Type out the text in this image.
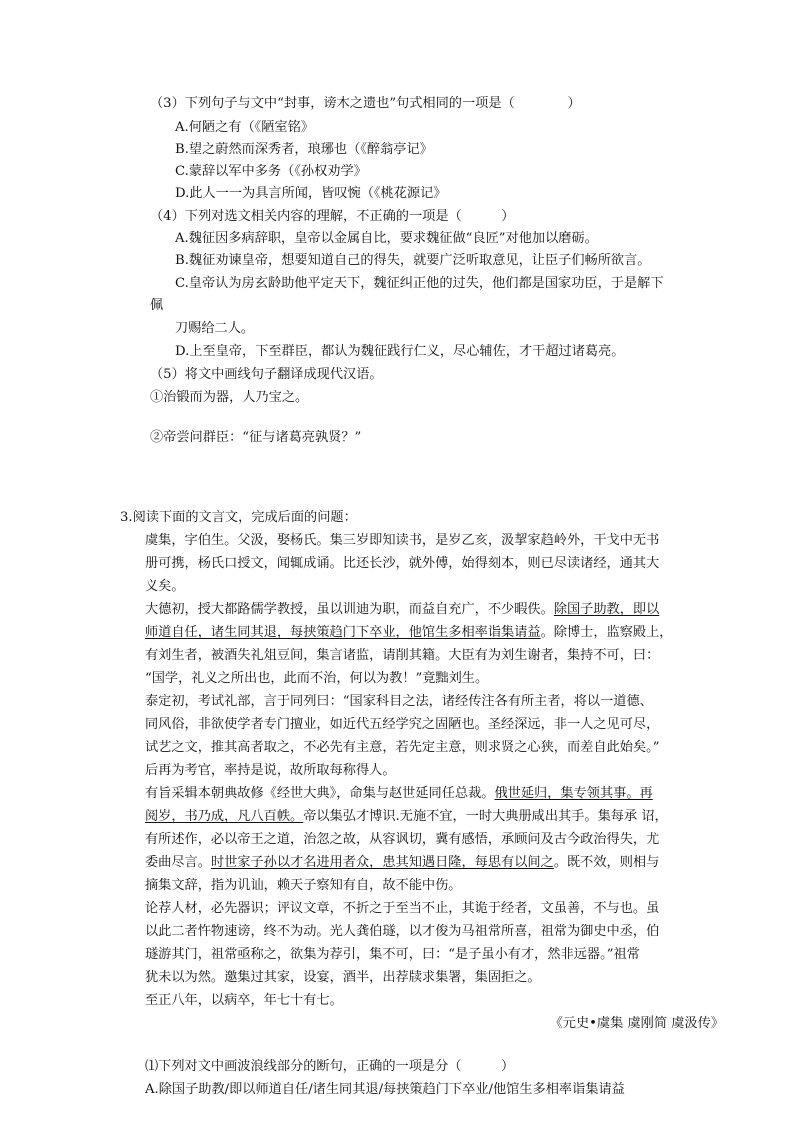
（3）下列句子与文中“封事，谤木之遗也”句式相同的一项是（　　　　）
A.何陋之有（《陋室铭》
B.望之蔚然而深秀者，琅琊也（《醉翁亭记》
C.蒙辞以军中多务（《孙权劝学》
D.此人一一为具言所闻，皆叹惋（《桃花源记》
（4）下列对选文相关内容的理解，不正确的一项是（　　　）
A.魏征因多病辞职，皇帝以金属自比，要求魏征做“良匠”对他加以磨砺。
B.魏征劝谏皇帝，想要知道自己的得失，就要广泛听取意见，让臣子们畅所欲言。
C.皇帝认为房玄龄助他平定天下，魏征纠正他的过失，他们都是国家功臣，于是解下
佩
刀赐给二人。
D.上至皇帝，下至群臣，都认为魏征践行仁义，尽心辅佐，才干超过诸葛亮。
（5）将文中画线句子翻译成现代汉语。
①治锻而为器，人乃宝之。
②帝尝问群臣：“征与诸葛亮孰贤？”
3.阅读下面的文言文，完成后面的问题：
虞集，字伯生。父汲，娶杨氏。集三岁即知读书，是岁乙亥，汲挈家趋岭外，干戈中无书
册可携，杨氏口授文，闻辄成诵。比还长沙，就外傅，始得刻本，则已尽读诸经，通其大
义矣。
大德初，授大都路儒学教授，虽以训迪为职，而益自充广，不少暇佚。除国子助教，即以
师道自任，诸生同其退，每挟策趋门下卒业，他馆生多相率诣集请益。除博士，监察殿上，
有刘生者，被酒失礼俎豆间，集言诸监，请削其籍。大臣有为刘生谢者，集持不可，曰：
“国学，礼义之所出也，此而不治，何以为教！”竟黜刘生。
泰定初，考试礼部，言于同列曰：“国家科目之法，诸经传注各有所主者，将以一道德、
同风俗，非欲使学者专门擅业，如近代五经学究之固陋也。圣经深远，非一人之见可尽，
试艺之文，推其高者取之，不必先有主意，若先定主意，则求贤之心狭，而差自此始矣。”
后再为考官，率持是说，故所取每称得人。
有旨采辑本朝典故修《经世大典》，命集与赵世延同任总裁。俄世延归，集专领其事。再
阅岁，书乃成，凡八百帙。帝以集弘才博识.无施不宜，一时大典册咸出其手。集每承 诏，
有所述作，必以帝王之道，治忽之故，从容讽切，冀有感悟，承顾问及古今政治得失，尤
委曲尽言。时世家子孙以才名进用者众，患其知遇日隆，每思有以间之。既不效，则相与
摘集文辞，指为讥讪，赖天子察知有自，故不能中伤。
论荐人材，必先器识；评议文章，不折之于至当不止，其诡于经者，文虽善，不与也。虽
以此二者忤物速谤，终不为动。光人龚伯璲，以才俊为马祖常所喜，祖常为御史中丞，伯
璲游其门，祖常亟称之，欲集为荐引，集不可，曰：“是子虽小有才，然非远器。”祖常
犹未以为然。邀集过其家，设宴，酒半，出荐牍求集署，集固拒之。
至正八年，以病卒，年七十有七。
《元史•虞集 虞刚简 虞汲传》
⑴下列对文中画波浪线部分的断句，正确的一项是分（　　　）
A.除国子助教/即以师道自任/诸生同其退/每挟策趋门下卒业/他馆生多相率诣集请益
